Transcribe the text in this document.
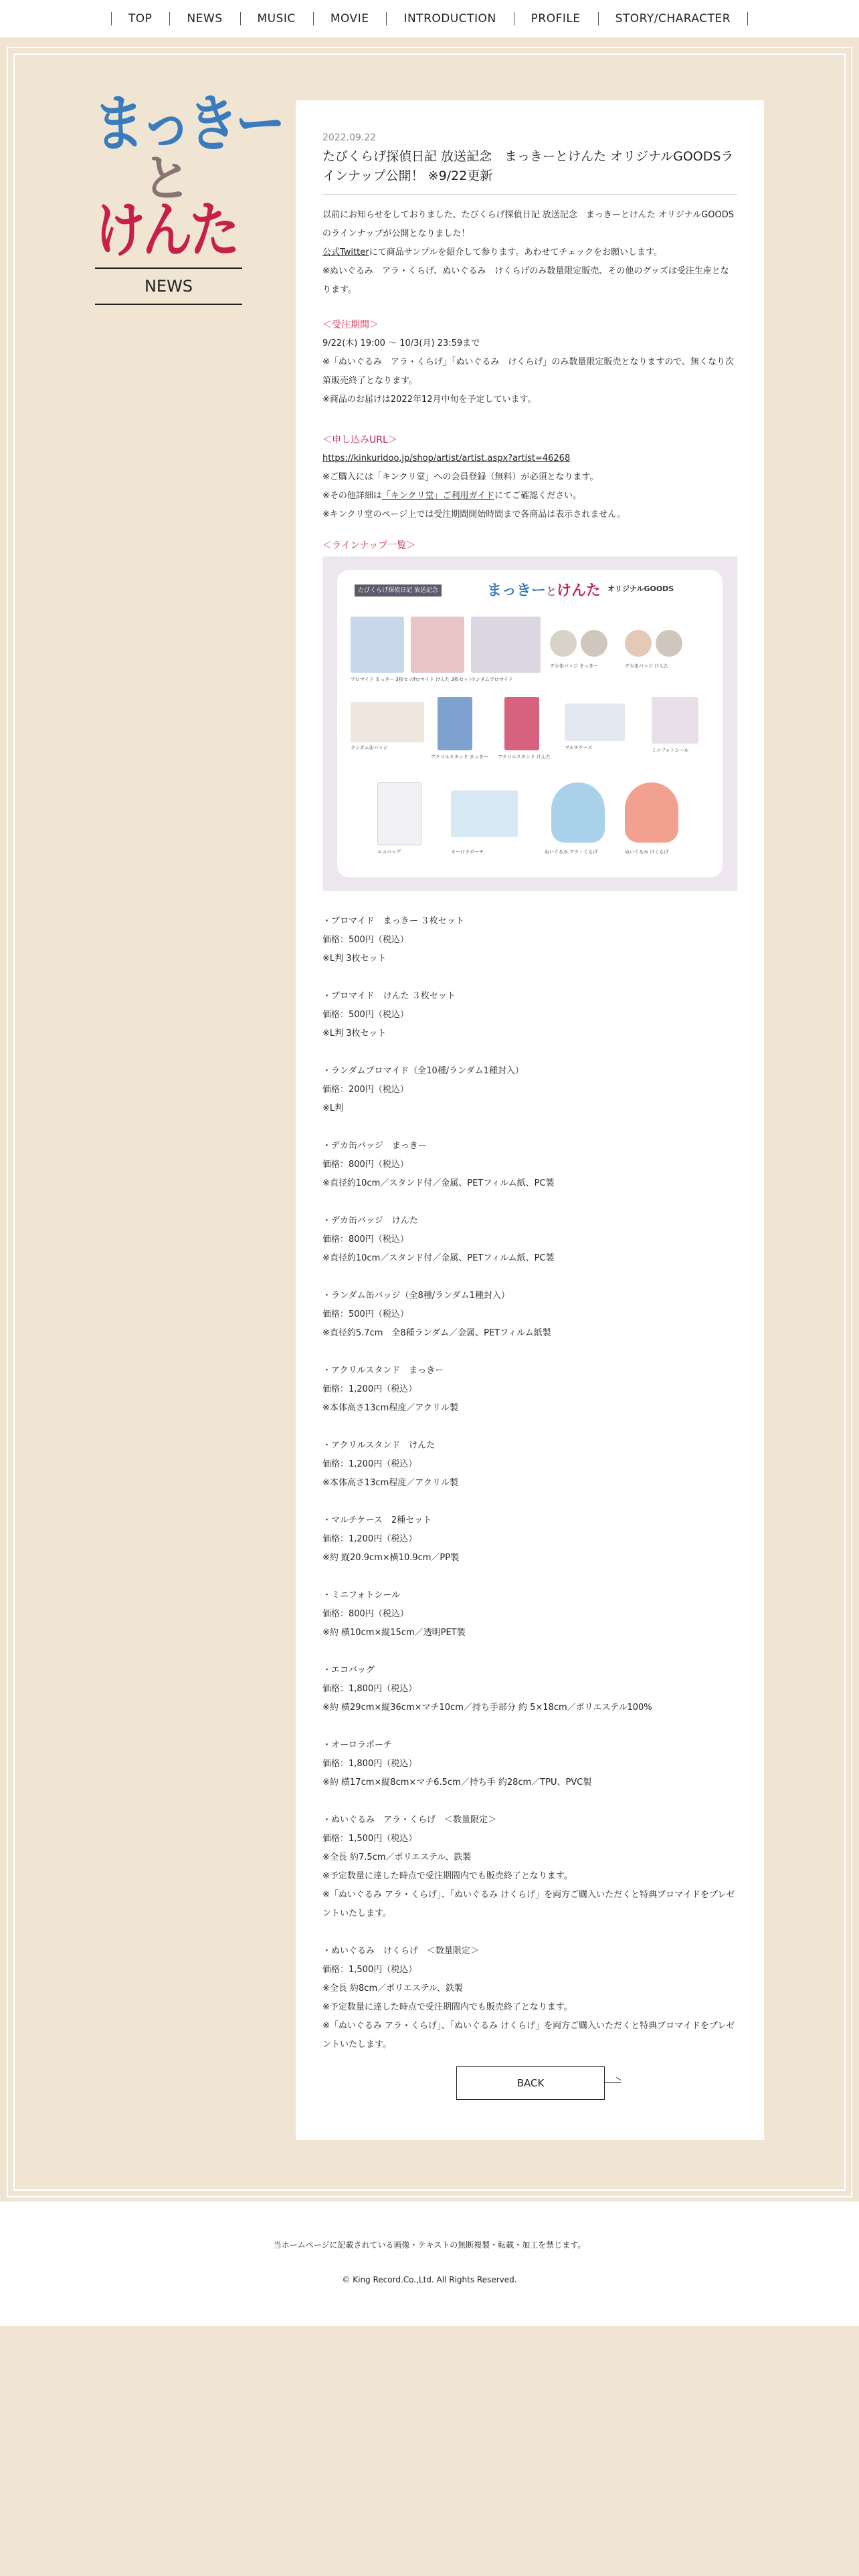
TOP	NEWS	MUSIC	MOVIE	INTRODUCTION	PROFILE	STORY/CHARACTER
まっきー
と
けんた
NEWS
2022.09.22
たびくらげ探偵日記 放送記念　まっきーとけんた オリジナルGOODSラインナップ公開！ ※9/22更新

以前にお知らせをしておりました、たびくらげ探偵日記 放送記念　まっきーとけんた オリジナルGOODSのラインナップが公開となりました！

公式Twitterにて商品サンプルを紹介して参ります。あわせてチェックをお願いします。

※ぬいぐるみ　アラ・くらげ、ぬいぐるみ　けくらげのみ数量限定販売、その他のグッズは受注生産となります。

＜受注期間＞

9/22(木) 19:00 〜 10/3(月) 23:59まで

※「ぬいぐるみ　アラ・くらげ」「ぬいぐるみ　けくらげ」のみ数量限定販売となりますので、無くなり次第販売終了となります。

※商品のお届けは2022年12月中旬を予定しています。

＜申し込みURL＞

https://kinkuridoo.jp/shop/artist/artist.aspx?artist=46268

※ご購入には「キンクリ堂」への会員登録（無料）が必須となります。

※その他詳細は「キンクリ堂」ご利用ガイドにてご確認ください。

※キンクリ堂のページ上では受注期間開始時間まで各商品は表示されません。

＜ラインナップ一覧＞

たびくらげ探偵日記 放送記念	まっきーとけんた オリジナルGOODS
ブロマイド まっきー 3枚セット
ブロマイド けんた 3枚セット
ランダムブロマイド
デカ缶バッジ まっきー	デカ缶バッジ けんた
ランダム缶バッジ
アクリルスタンド まっきー アクリルスタンド けんた
マルチケース	ミニフォトシール
エコバッグ	オーロラポーチ	ぬいぐるみ アラ・くらげ	ぬいぐるみ けくらげ

・ブロマイド　まっきー ３枚セット

価格：500円（税込）

※L判 3枚セット

・ブロマイド　けんた ３枚セット

価格：500円（税込）

※L判 3枚セット

・ランダムブロマイド（全10種/ランダム1種封入）

価格：200円（税込）

※L判

・デカ缶バッジ　まっきー

価格：800円（税込）

※直径約10cm／スタンド付／金属、PETフィルム紙、PC製

・デカ缶バッジ　けんた

価格：800円（税込）

※直径約10cm／スタンド付／金属、PETフィルム紙、PC製

・ランダム缶バッジ（全8種/ランダム1種封入）

価格：500円（税込）

※直径約5.7cm　全8種ランダム／金属、PETフィルム紙製

・アクリルスタンド　まっきー

価格：1,200円（税込）

※本体高さ13cm程度／アクリル製

・アクリルスタンド　けんた

価格：1,200円（税込）

※本体高さ13cm程度／アクリル製

・マルチケース　2種セット

価格：1,200円（税込）

※約 縦20.9cm×横10.9cm／PP製

・ミニフォトシール

価格：800円（税込）

※約 横10cm×縦15cm／透明PET製

・エコバッグ

価格：1,800円（税込）

※約 横29cm×縦36cm×マチ10cm／持ち手部分 約 5×18cm／ポリエステル100%

・オーロラポーチ

価格：1,800円（税込）

※約 横17cm×縦8cm×マチ6.5cm／持ち手 約28cm／TPU、PVC製

・ぬいぐるみ　アラ・くらげ　＜数量限定＞

価格：1,500円（税込）

※全長 約7.5cm／ポリエステル、鉄製

※予定数量に達した時点で受注期間内でも販売終了となります。

※「ぬいぐるみ アラ・くらげ」、「ぬいぐるみ けくらげ」を両方ご購入いただくと特典ブロマイドをプレゼントいたします。

・ぬいぐるみ　けくらげ　＜数量限定＞

価格：1,500円（税込）

※全長 約8cm／ポリエステル、鉄製

※予定数量に達した時点で受注期間内でも販売終了となります。

※「ぬいぐるみ アラ・くらげ」、「ぬいぐるみ けくらげ」を両方ご購入いただくと特典ブロマイドをプレゼントいたします。

BACK

当ホームページに記載されている画像・テキストの無断複製・転載・加工を禁じます。

© King Record.Co.,Ltd. All Rights Reserved.
